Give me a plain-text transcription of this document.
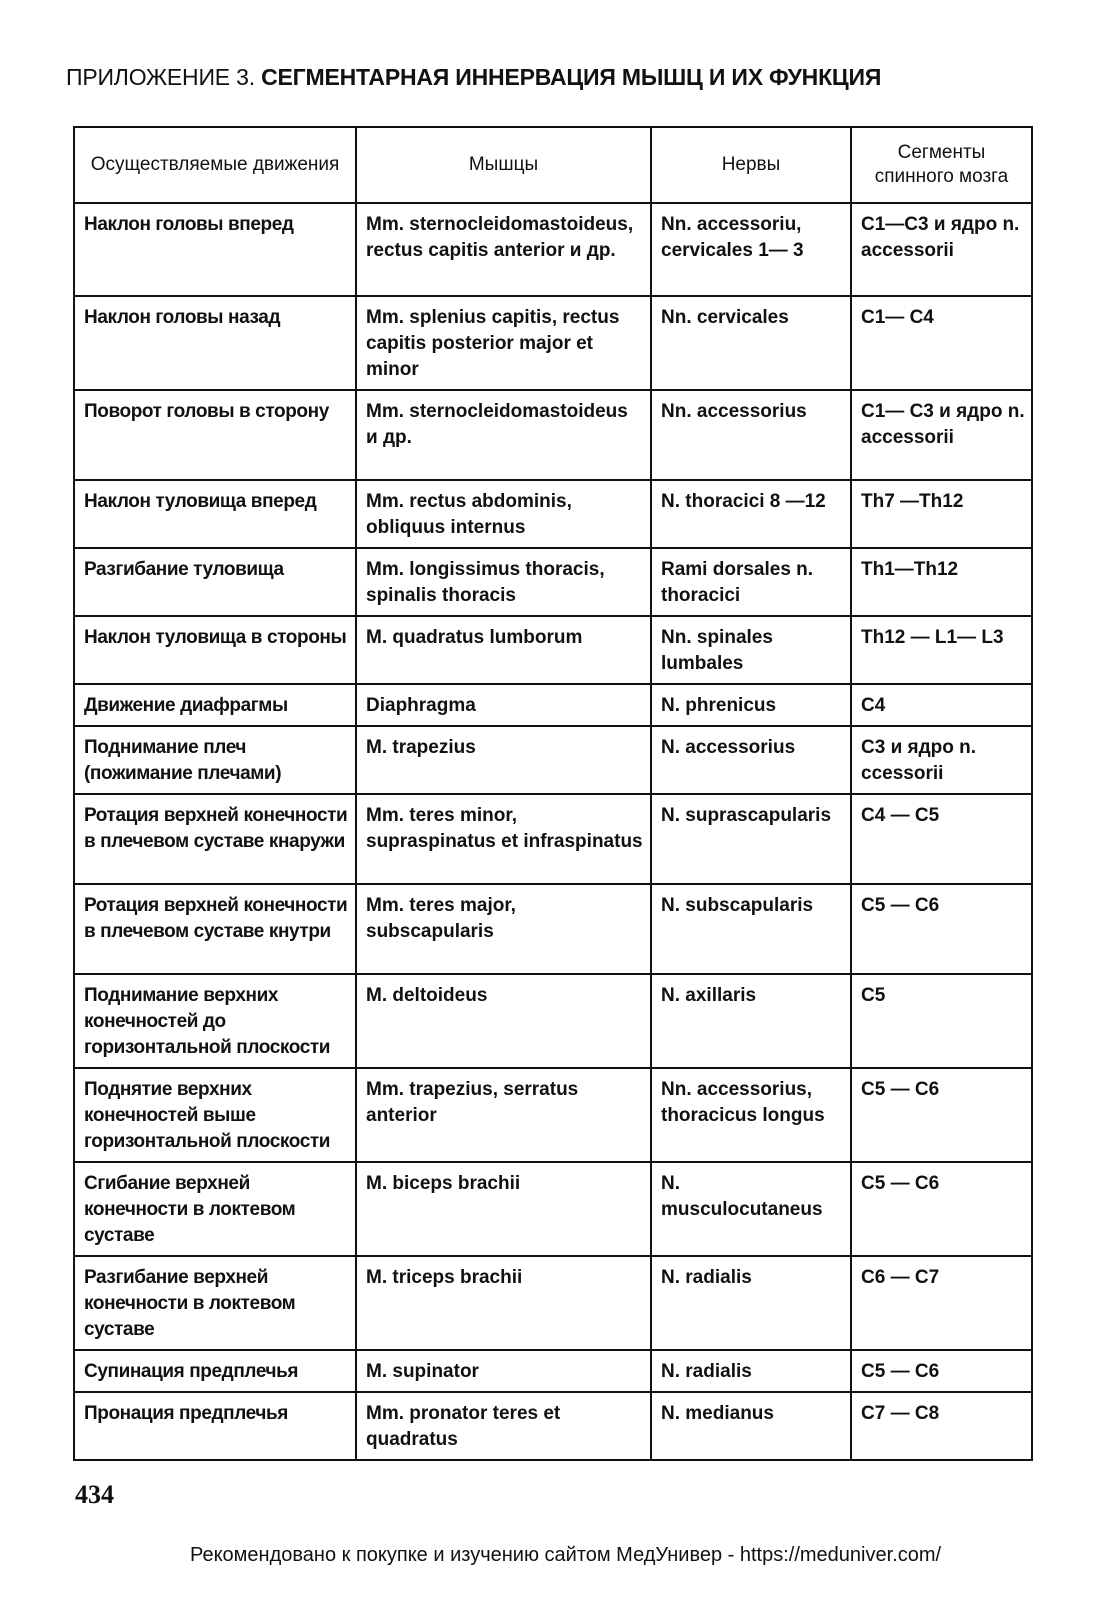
ПРИЛОЖЕНИЕ 3. СЕГМЕНТАРНАЯ ИННЕРВАЦИЯ МЫШЦ И ИХ ФУНКЦИЯ
Осуществляемые движения	Мышцы	Нервы	Сегменты спинного мозга
Наклон головы вперед	Mm. sternocleidomastoideus, rectus capitis anterior и др.	Nn. accessoriu, cervicales 1— 3	C1—C3 и ядро n. accessorii
Наклон головы назад	Mm. splenius capitis, rectus capitis posterior major et minor	Nn. cervicales	C1— C4
Поворот головы в сторону	Mm. sternocleidomastoideus и др.	Nn. accessorius	C1— C3 и ядро n. accessorii
Наклон туловища вперед	Mm. rectus abdominis, obliquus internus	N. thoracici 8 —12	Th7 —Th12
Разгибание туловища	Mm. longissimus thoracis, spinalis thoracis	Rami dorsales n. thoracici	Th1—Th12
Наклон туловища в стороны	M. quadratus lumborum	Nn. spinales lumbales	Th12 — L1— L3
Движение диафрагмы	Diaphragma	N. phrenicus	C4
Поднимание плеч (пожимание плечами)	M. trapezius	N. accessorius	C3 и ядро n. ccessorii
Ротация верхней конечности в плечевом суставе кнаружи	Mm. teres minor, supraspinatus et infraspinatus	N. suprascapularis	C4 — C5
Ротация верхней конечности в плечевом суставе кнутри	Mm. teres major, subscapularis	N. subscapularis	C5 — C6
Поднимание верхних конечностей до горизонтальной плоскости	M. deltoideus	N. axillaris	C5
Поднятие верхних конечностей выше горизонтальной плоскости	Mm. trapezius, serratus anterior	Nn. accessorius, thoracicus longus	C5 — C6
Сгибание верхней конечности в локтевом суставе	M. biceps brachii	N. musculocutaneus	C5 — C6
Разгибание верхней конечности в локтевом суставе	M. triceps brachii	N. radialis	C6 — C7
Супинация предплечья	M. supinator	N. radialis	C5 — C6
Пронация предплечья	Mm. pronator teres et quadratus	N. medianus	C7 — C8
434
Рекомендовано к покупке и изучению сайтом МедУнивер - https://meduniver.com/
